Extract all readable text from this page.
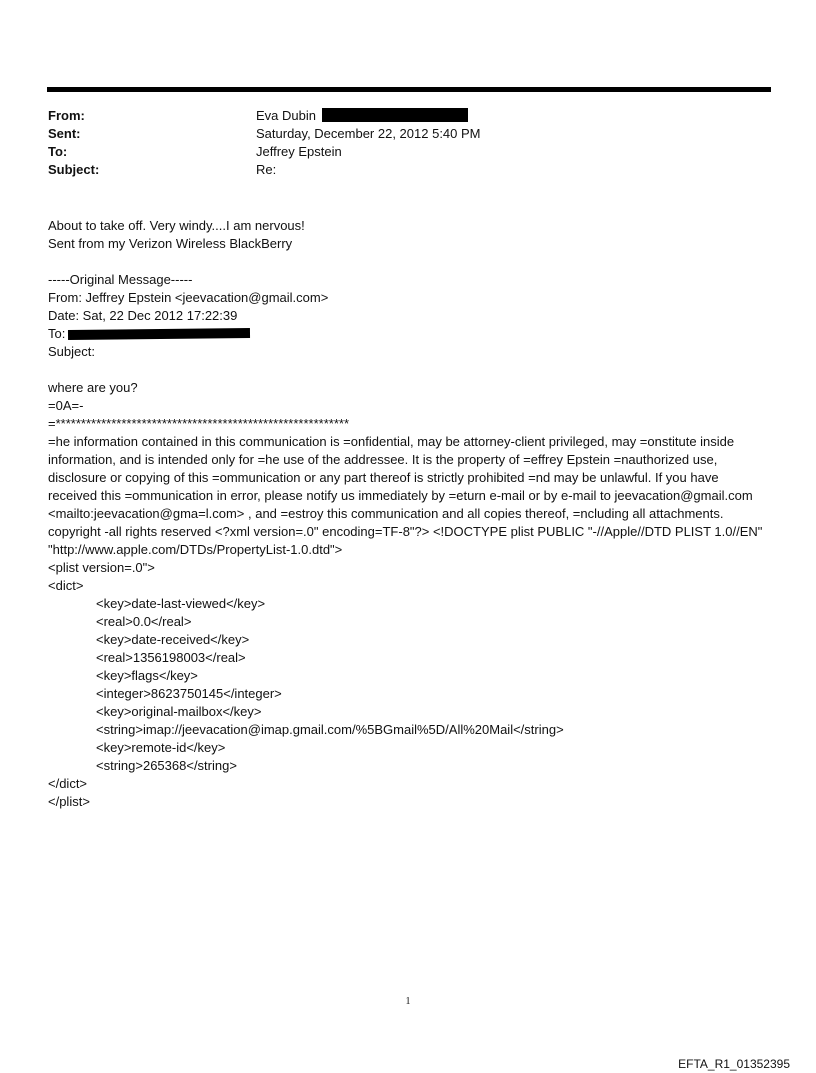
From:	Eva Dubin
Sent:	Saturday, December 22, 2012 5:40 PM
To:	Jeffrey Epstein
Subject:	Re:

About to take off. Very windy....I am nervous!

Sent from my Verizon Wireless BlackBerry

-----Original Message-----

From: Jeffrey Epstein <jeevacation@gmail.com>

Date: Sat, 22 Dec 2012 17:22:39

To:

Subject:

where are you?

=0A=-

=**********************************************************

=he information contained in this communication is =onfidential, may be attorney-client privileged, may =onstitute inside information, and is intended only for =he use of the addressee. It is the property of =effrey Epstein =nauthorized use, disclosure or copying of this =ommunication or any part thereof is strictly prohibited =nd may be unlawful. If you have received this =ommunication in error, please notify us immediately by =eturn e-mail or by e-mail to jeevacation@gmail.com <mailto:jeevacation@gma=l.com> , and =estroy this communication and all copies thereof, =ncluding all attachments. copyright -all rights reserved <?xml version=.0" encoding=TF-8"?> <!DOCTYPE plist PUBLIC "-//Apple//DTD PLIST 1.0//EN" "http://www.apple.com/DTDs/PropertyList-1.0.dtd">

<plist version=.0">

<dict>

<key>date-last-viewed</key>

<real>0.0</real>

<key>date-received</key>

<real>1356198003</real>

<key>flags</key>

<integer>8623750145</integer>

<key>original-mailbox</key>

<string>imap://jeevacation@imap.gmail.com/%5BGmail%5D/All%20Mail</string>

<key>remote-id</key>

<string>265368</string>

</dict>

</plist>

1
EFTA_R1_01352395
